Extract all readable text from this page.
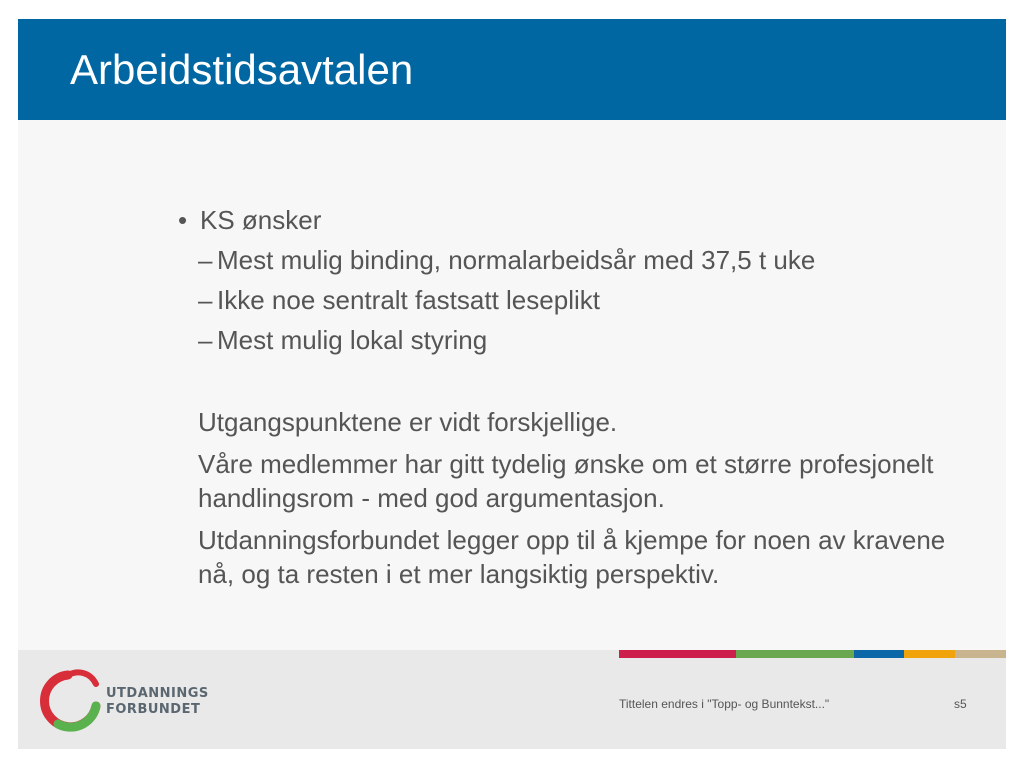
Arbeidstidsavtalen

• KS ønsker

– Mest mulig binding, normalarbeidsår med 37,5 t uke

– Ikke noe sentralt fastsatt leseplikt

– Mest mulig lokal styring

Utgangspunktene er vidt forskjellige.

Våre medlemmer har gitt tydelig ønske om et større profesjonelt handlingsrom - med god argumentasjon.

Utdanningsforbundet legger opp til å kjempe for noen av kravene nå, og ta resten i et mer langsiktig perspektiv.

UTDANNINGS
FORBUNDET	Tittelen endres i "Topp- og Bunntekst..."	s5
